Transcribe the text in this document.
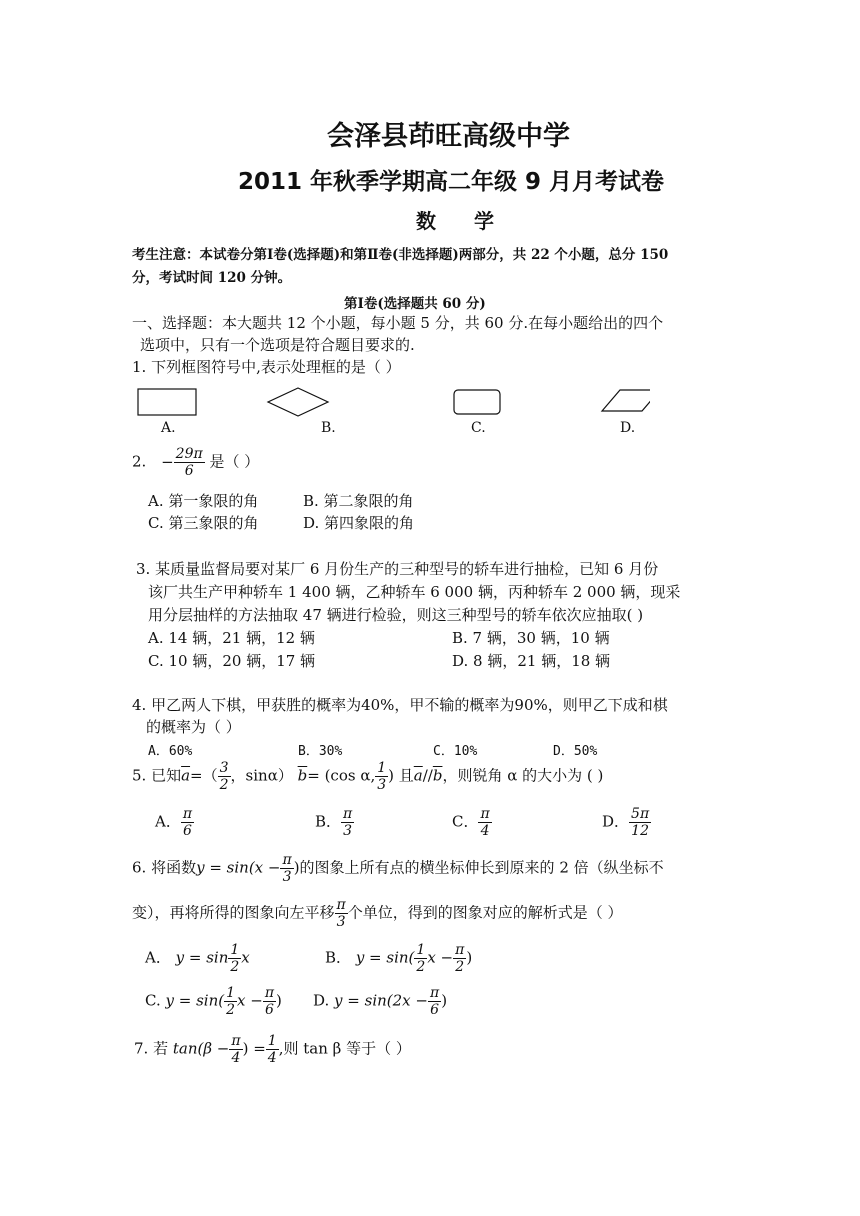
会泽县茚旺高级中学
2011 年秋季学期高二年级 9 月月考试卷
数学
考生注意：本试卷分第Ⅰ卷(选择题)和第Ⅱ卷(非选择题)两部分，共 22 个小题，总分 150
分，考试时间 120 分钟。
第Ⅰ卷(选择题共 60 分)
一、选择题：本大题共 12 个小题，每小题 5 分，共 60 分.在每小题给出的四个
选项中，只有一个选项是符合题目要求的.
1. 下列框图符号中,表示处理框的是（ ）
A.	B.	C.	D.
2. − $\frac{29\pi}{6}$ 是（ ）
A. 第一象限的角	B. 第二象限的角
C. 第三象限的角	D. 第四象限的角
3. 某质量监督局要对某厂 6 月份生产的三种型号的轿车进行抽检，已知 6 月份
该厂共生产甲种轿车 1 400 辆，乙种轿车 6 000 辆，丙种轿车 2 000 辆，现采
用分层抽样的方法抽取 47 辆进行检验，则这三种型号的轿车依次应抽取( )
A. 14 辆，21 辆，12 辆	B. 7 辆，30 辆，10 辆
C. 10 辆，20 辆，17 辆	D. 8 辆，21 辆，18 辆
4. 甲乙两人下棋，甲获胜的概率为40%，甲不输的概率为90%，则甲乙下成和棋
的概率为（ ）
A．60%	B．30%	C．10%	D．50%
5. 已知$\overline{a}=( \frac{3}{2}$ ，sinα） $\overline{b}= (\cos$ α, $\frac{1}{3}$ ) 且$\overline{a}//\overline{b}$，则锐角 α 的大小为 ( )
A． $\frac{\pi}{6}$	B． $\frac{\pi}{3}$	C． $\frac{\pi}{4}$	D． $\frac{5\pi}{12}$
6. 将函数$y = \sin(x - \frac{\pi}{3}$ )的图象上所有点的横坐标伸长到原来的 2 倍（纵坐标不
变），再将所得的图象向左平移 $\frac{\pi}{3}$ 个单位，得到的图象对应的解析式是（ ）
A． $y = \sin \frac{1}{2}$ x	B． $y = \sin( \frac{1}{2}$ $x - \frac{\pi}{2}$ )
C. $y = \sin( \frac{1}{2}$ $x - \frac{\pi}{6}$ ) D. $y = \sin(2x - \frac{\pi}{6}$ )
7. 若 $\tan(\beta - \frac{\pi}{4}$ ) = $\frac{1}{4}$ ,则 tan β 等于（ ）
